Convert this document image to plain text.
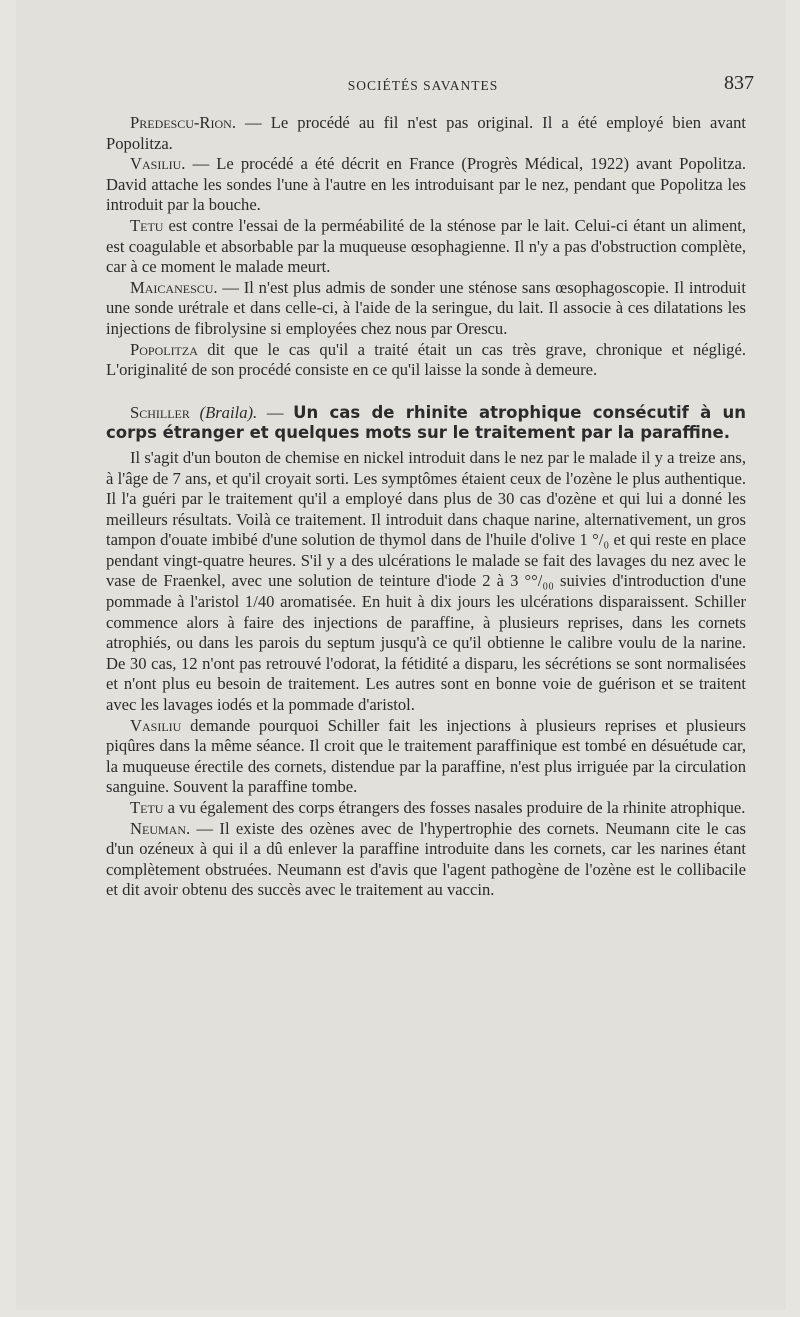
SOCIÉTÉS SAVANTES	837

Predescu-Rion. — Le procédé au fil n'est pas original. Il a été employé bien avant Popolitza.

Vasiliu. — Le procédé a été décrit en France (Progrès Médical, 1922) avant Popolitza. David attache les sondes l'une à l'autre en les introduisant par le nez, pendant que Popolitza les introduit par la bouche.

Tetu est contre l'essai de la perméabilité de la sténose par le lait. Celui-ci étant un aliment, est coagulable et absorbable par la muqueuse œsophagienne. Il n'y a pas d'obstruction complète, car à ce moment le malade meurt.

Maicanescu. — Il n'est plus admis de sonder une sténose sans œsophagoscopie. Il introduit une sonde urétrale et dans celle-ci, à l'aide de la seringue, du lait. Il associe à ces dilatations les injections de fibrolysine si employées chez nous par Orescu.

Popolitza dit que le cas qu'il a traité était un cas très grave, chronique et négligé. L'originalité de son procédé consiste en ce qu'il laisse la sonde à demeure.

Schiller (Braila). — Un cas de rhinite atrophique consécutif à un corps étranger et quelques mots sur le traitement par la paraffine.

Il s'agit d'un bouton de chemise en nickel introduit dans le nez par le malade il y a treize ans, à l'âge de 7 ans, et qu'il croyait sorti. Les symptômes étaient ceux de l'ozène le plus authentique. Il l'a guéri par le traitement qu'il a employé dans plus de 30 cas d'ozène et qui lui a donné les meilleurs résultats. Voilà ce traitement. Il introduit dans chaque narine, alternativement, un gros tampon d'ouate imbibé d'une solution de thymol dans de l'huile d'olive 1 °/₀ et qui reste en place pendant vingt-quatre heures. S'il y a des ulcérations le malade se fait des lavages du nez avec le vase de Fraenkel, avec une solution de teinture d'iode 2 à 3 °°/₀₀ suivies d'introduction d'une pommade à l'aristol 1/40 aromatisée. En huit à dix jours les ulcérations disparaissent. Schiller commence alors à faire des injections de paraffine, à plusieurs reprises, dans les cornets atrophiés, ou dans les parois du septum jusqu'à ce qu'il obtienne le calibre voulu de la narine. De 30 cas, 12 n'ont pas retrouvé l'odorat, la fétidité a disparu, les sécrétions se sont normalisées et n'ont plus eu besoin de traitement. Les autres sont en bonne voie de guérison et se traitent avec les lavages iodés et la pommade d'aristol.

Vasiliu demande pourquoi Schiller fait les injections à plusieurs reprises et plusieurs piqûres dans la même séance. Il croit que le traitement paraffinique est tombé en désuétude car, la muqueuse érectile des cornets, distendue par la paraffine, n'est plus irriguée par la circulation sanguine. Souvent la paraffine tombe.

Tetu a vu également des corps étrangers des fosses nasales produire de la rhinite atrophique.

Neuman. — Il existe des ozènes avec de l'hypertrophie des cornets. Neumann cite le cas d'un ozéneux à qui il a dû enlever la paraffine introduite dans les cornets, car les narines étant complètement obstruées. Neumann est d'avis que l'agent pathogène de l'ozène est le collibacile et dit avoir obtenu des succès avec le traitement au vaccin.
